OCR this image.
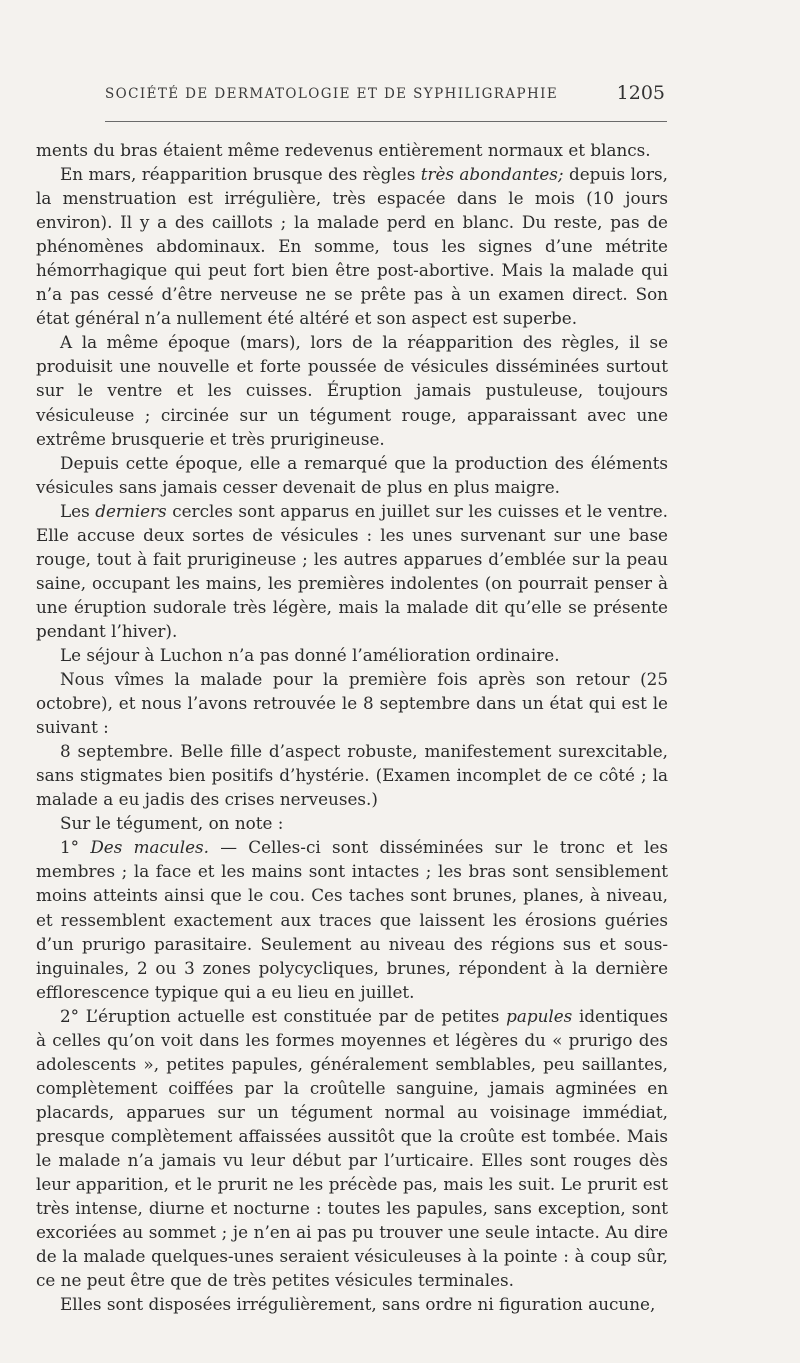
SOCIÉTÉ DE DERMATOLOGIE ET DE SYPHILIGRAPHIE	1205

ments du bras étaient même redevenus entièrement normaux et blancs.

En mars, réapparition brusque des règles très abondantes; depuis lors, la menstruation est irrégulière, très espacée dans le mois (10 jours environ). Il y a des caillots ; la malade perd en blanc. Du reste, pas de phénomènes abdominaux. En somme, tous les signes d’une métrite hémorrhagique qui peut fort bien être post-abortive. Mais la malade qui n’a pas cessé d’être nerveuse ne se prête pas à un examen direct. Son état général n’a nullement été altéré et son aspect est superbe.

A la même époque (mars), lors de la réapparition des règles, il se produisit une nouvelle et forte poussée de vésicules disséminées surtout sur le ventre et les cuisses. Éruption jamais pustuleuse, toujours vésiculeuse ; circinée sur un tégument rouge, apparaissant avec une extrême brusquerie et très prurigineuse.

Depuis cette époque, elle a remarqué que la production des éléments vésicules sans jamais cesser devenait de plus en plus maigre.

Les derniers cercles sont apparus en juillet sur les cuisses et le ventre. Elle accuse deux sortes de vésicules : les unes survenant sur une base rouge, tout à fait prurigineuse ; les autres apparues d’emblée sur la peau saine, occupant les mains, les premières indolentes (on pourrait penser à une éruption sudorale très légère, mais la malade dit qu’elle se présente pendant l’hiver).

Le séjour à Luchon n’a pas donné l’amélioration ordinaire.

Nous vîmes la malade pour la première fois après son retour (25 octobre), et nous l’avons retrouvée le 8 septembre dans un état qui est le suivant :

8 septembre. Belle fille d’aspect robuste, manifestement surexcitable, sans stigmates bien positifs d’hystérie. (Examen incomplet de ce côté ; la malade a eu jadis des crises nerveuses.)

Sur le tégument, on note :

1° Des macules. — Celles-ci sont disséminées sur le tronc et les membres ; la face et les mains sont intactes ; les bras sont sensiblement moins atteints ainsi que le cou. Ces taches sont brunes, planes, à niveau, et ressemblent exactement aux traces que laissent les érosions guéries d’un prurigo parasitaire. Seulement au niveau des régions sus et sous-inguinales, 2 ou 3 zones polycycliques, brunes, répondent à la dernière efflorescence typique qui a eu lieu en juillet.

2° L’éruption actuelle est constituée par de petites papules identiques à celles qu’on voit dans les formes moyennes et légères du « prurigo des adolescents », petites papules, généralement semblables, peu saillantes, complètement coiffées par la croûtelle sanguine, jamais agminées en placards, apparues sur un tégument normal au voisinage immédiat, presque complètement affaissées aussitôt que la croûte est tombée. Mais le malade n’a jamais vu leur début par l’urticaire. Elles sont rouges dès leur apparition, et le prurit ne les précède pas, mais les suit. Le prurit est très intense, diurne et nocturne : toutes les papules, sans exception, sont excoriées au sommet ; je n’en ai pas pu trouver une seule intacte. Au dire de la malade quelques-unes seraient vésiculeuses à la pointe : à coup sûr, ce ne peut être que de très petites vésicules terminales.

Elles sont disposées irrégulièrement, sans ordre ni figuration aucune,
